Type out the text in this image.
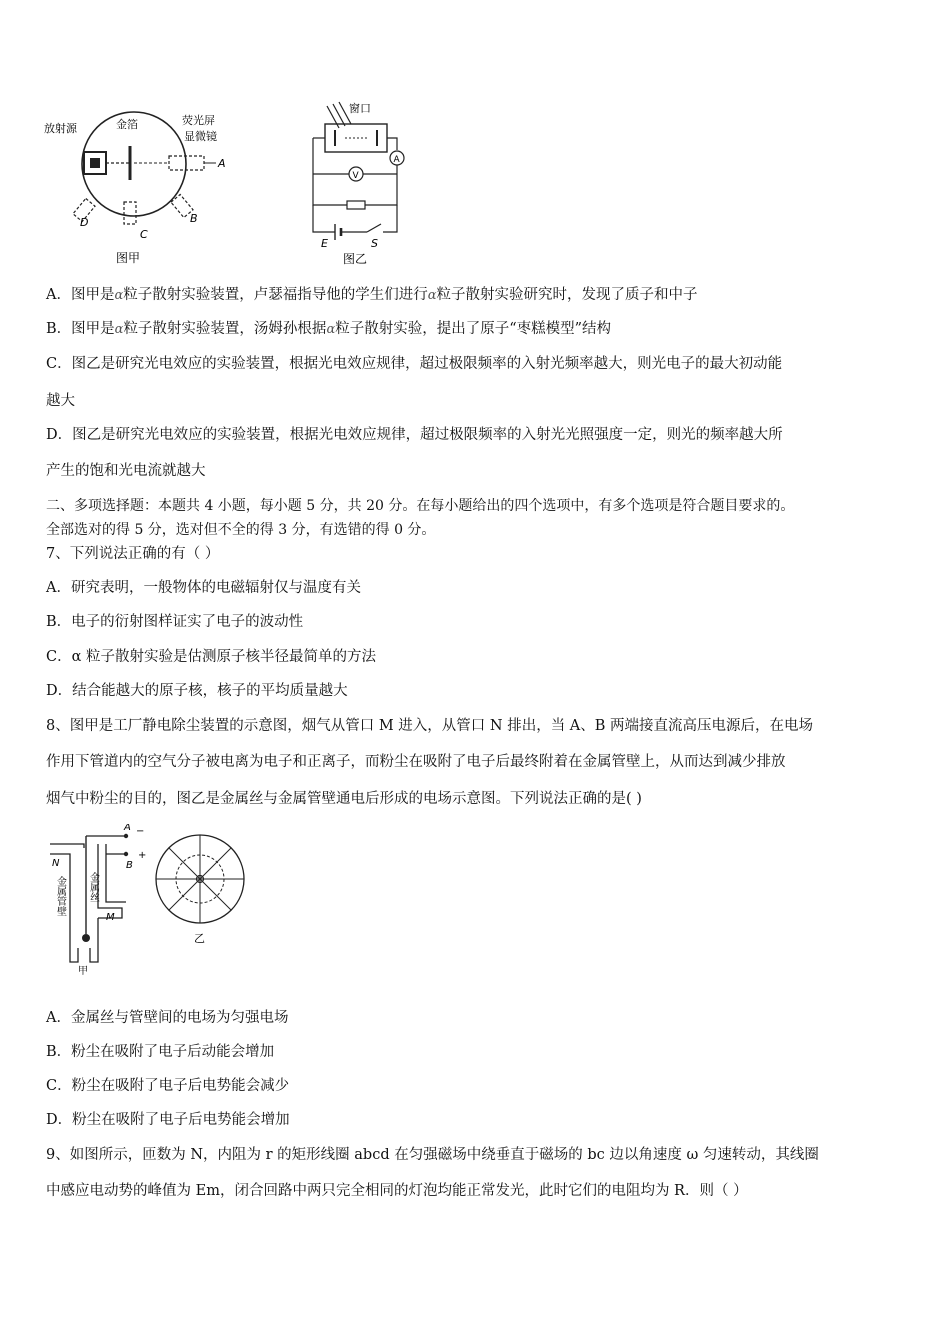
放射源	金箔	荧光屏
显微镜
A
B
C
D
图甲
A
V
窗口
E	S
图乙
A．图甲是α粒子散射实验装置，卢瑟福指导他的学生们进行α粒子散射实验研究时，发现了质子和中子
B．图甲是α粒子散射实验装置，汤姆孙根据α粒子散射实验，提出了原子“枣糕模型”结构
C．图乙是研究光电效应的实验装置，根据光电效应规律，超过极限频率的入射光频率越大，则光电子的最大初动能
越大
D．图乙是研究光电效应的实验装置，根据光电效应规律，超过极限频率的入射光光照强度一定，则光的频率越大所
产生的饱和光电流就越大
二、多项选择题：本题共 4 小题，每小题 5 分，共 20 分。在每小题给出的四个选项中，有多个选项是符合题目要求的。
全部选对的得 5 分，选对但不全的得 3 分，有选错的得 0 分。
7、下列说法正确的有（ ）
A．研究表明，一般物体的电磁辐射仅与温度有关
B．电子的衍射图样证实了电子的波动性
C．α 粒子散射实验是估测原子核半径最简单的方法
D．结合能越大的原子核，核子的平均质量越大
8、图甲是工厂静电除尘装置的示意图，烟气从管口 M 进入，从管口 N 排出，当 A、B 两端接直流高压电源后，在电场
作用下管道内的空气分子被电离为电子和正离子，而粉尘在吸附了电子后最终附着在金属管壁上，从而达到减少排放
烟气中粉尘的目的，图乙是金属丝与金属管壁通电后形成的电场示意图。下列说法正确的是( )
A −
B
+
N
M
甲
金属管壁 金属丝
乙
A．金属丝与管壁间的电场为匀强电场
B．粉尘在吸附了电子后动能会增加
C．粉尘在吸附了电子后电势能会减少
D．粉尘在吸附了电子后电势能会增加
9、如图所示，匝数为 N，内阻为 r 的矩形线圈 abcd 在匀强磁场中绕垂直于磁场的 bc 边以角速度 ω 匀速转动，其线圈
中感应电动势的峰值为 Em，闭合回路中两只完全相同的灯泡均能正常发光，此时它们的电阻均为 R．则（ ）
